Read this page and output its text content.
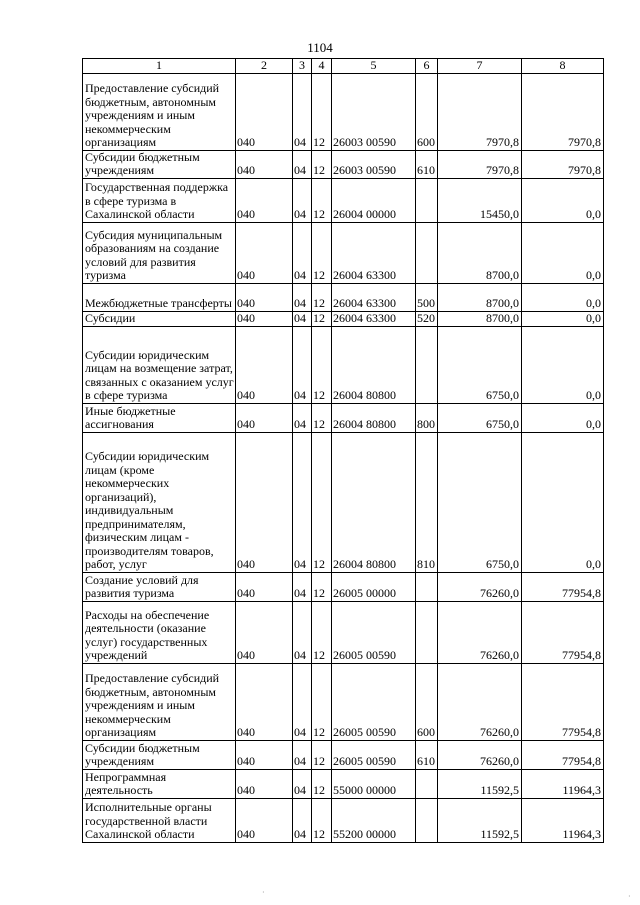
1104
1	2	3	4	5	6	7	8
Предоставление субсидий бюджетным, автономным учреждениям и иным некоммерческим организациям	040	04	12	26003 00590	600	7970,8	7970,8
Субсидии бюджетным учреждениям	040	04	12	26003 00590	610	7970,8	7970,8
Государственная поддержка в сфере туризма в Сахалинской области	040	04	12	26004 00000		15450,0	0,0
Субсидия муниципальным образованиям на создание условий для развития туризма	040	04	12	26004 63300		8700,0	0,0
Межбюджетные трансферты	040	04	12	26004 63300	500	8700,0	0,0
Субсидии	040	04	12	26004 63300	520	8700,0	0,0
Субсидии юридическим лицам на возмещение затрат, связанных с оказанием услуг в сфере туризма	040	04	12	26004 80800		6750,0	0,0
Иные бюджетные ассигнования	040	04	12	26004 80800	800	6750,0	0,0
Субсидии юридическим лицам (кроме некоммерческих организаций), индивидуальным предпринимателям, физическим лицам - производителям товаров, работ, услуг	040	04	12	26004 80800	810	6750,0	0,0
Создание условий для развития туризма	040	04	12	26005 00000		76260,0	77954,8
Расходы на обеспечение деятельности (оказание услуг) государственных учреждений	040	04	12	26005 00590		76260,0	77954,8
Предоставление субсидий бюджетным, автономным учреждениям и иным некоммерческим организациям	040	04	12	26005 00590	600	76260,0	77954,8
Субсидии бюджетным учреждениям	040	04	12	26005 00590	610	76260,0	77954,8
Непрограммная деятельность	040	04	12	55000 00000		11592,5	11964,3
Исполнительные органы государственной власти Сахалинской области	040	04	12	55200 00000		11592,5	11964,3
·	·
